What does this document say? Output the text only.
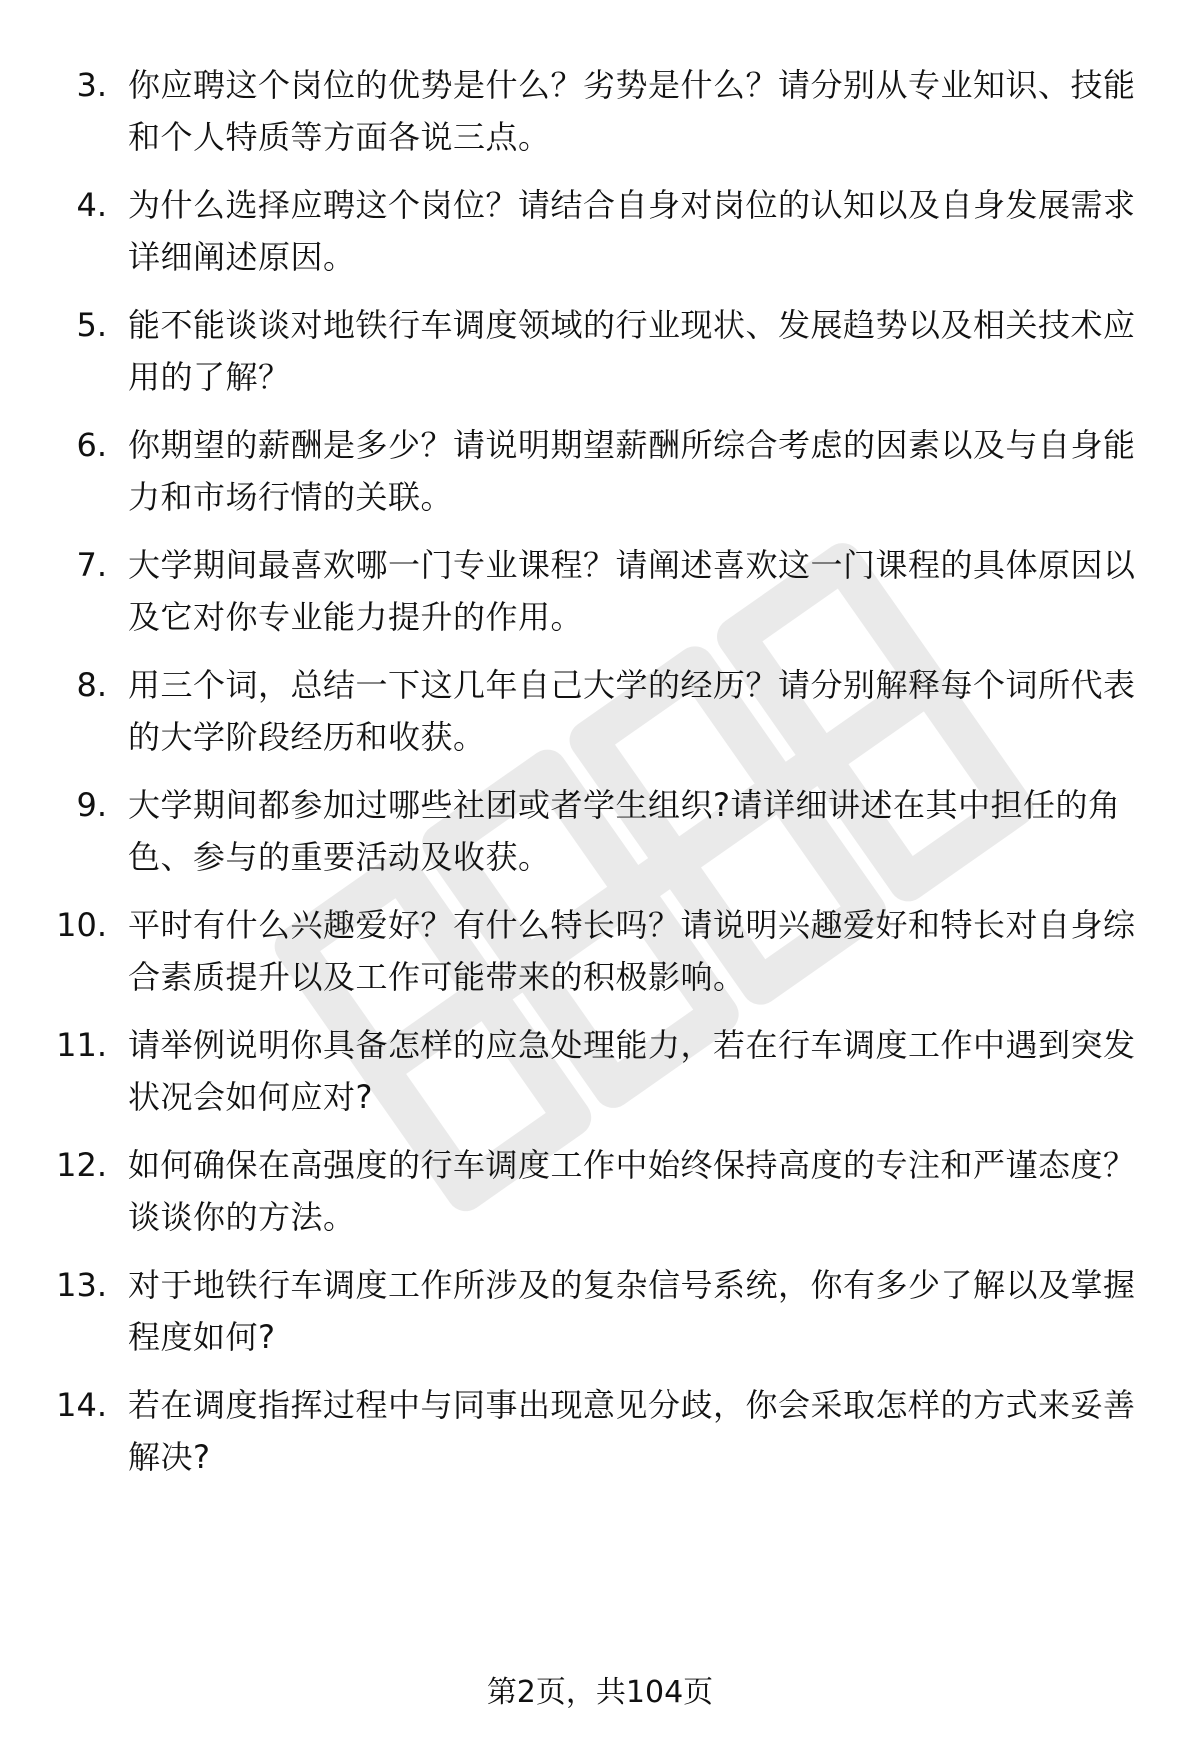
3. 你应聘这个岗位的优势是什么？劣势是什么？请分别从专业知识、技能和个人特质等方面各说三点。
4. 为什么选择应聘这个岗位？请结合自身对岗位的认知以及自身发展需求详细阐述原因。
5. 能不能谈谈对地铁行车调度领域的行业现状、发展趋势以及相关技术应用的了解？
6. 你期望的薪酬是多少？请说明期望薪酬所综合考虑的因素以及与自身能力和市场行情的关联。
7. 大学期间最喜欢哪一门专业课程？请阐述喜欢这一门课程的具体原因以及它对你专业能力提升的作用。
8. 用三个词，总结一下这几年自己大学的经历？请分别解释每个词所代表的大学阶段经历和收获。
9. 大学期间都参加过哪些社团或者学生组织?请详细讲述在其中担任的角色、参与的重要活动及收获。
10. 平时有什么兴趣爱好？有什么特长吗？请说明兴趣爱好和特长对自身综合素质提升以及工作可能带来的积极影响。
11. 请举例说明你具备怎样的应急处理能力，若在行车调度工作中遇到突发状况会如何应对?
12. 如何确保在高强度的行车调度工作中始终保持高度的专注和严谨态度？谈谈你的方法。
13. 对于地铁行车调度工作所涉及的复杂信号系统，你有多少了解以及掌握程度如何?
14. 若在调度指挥过程中与同事出现意见分歧，你会采取怎样的方式来妥善解决?
第2页，共104页
